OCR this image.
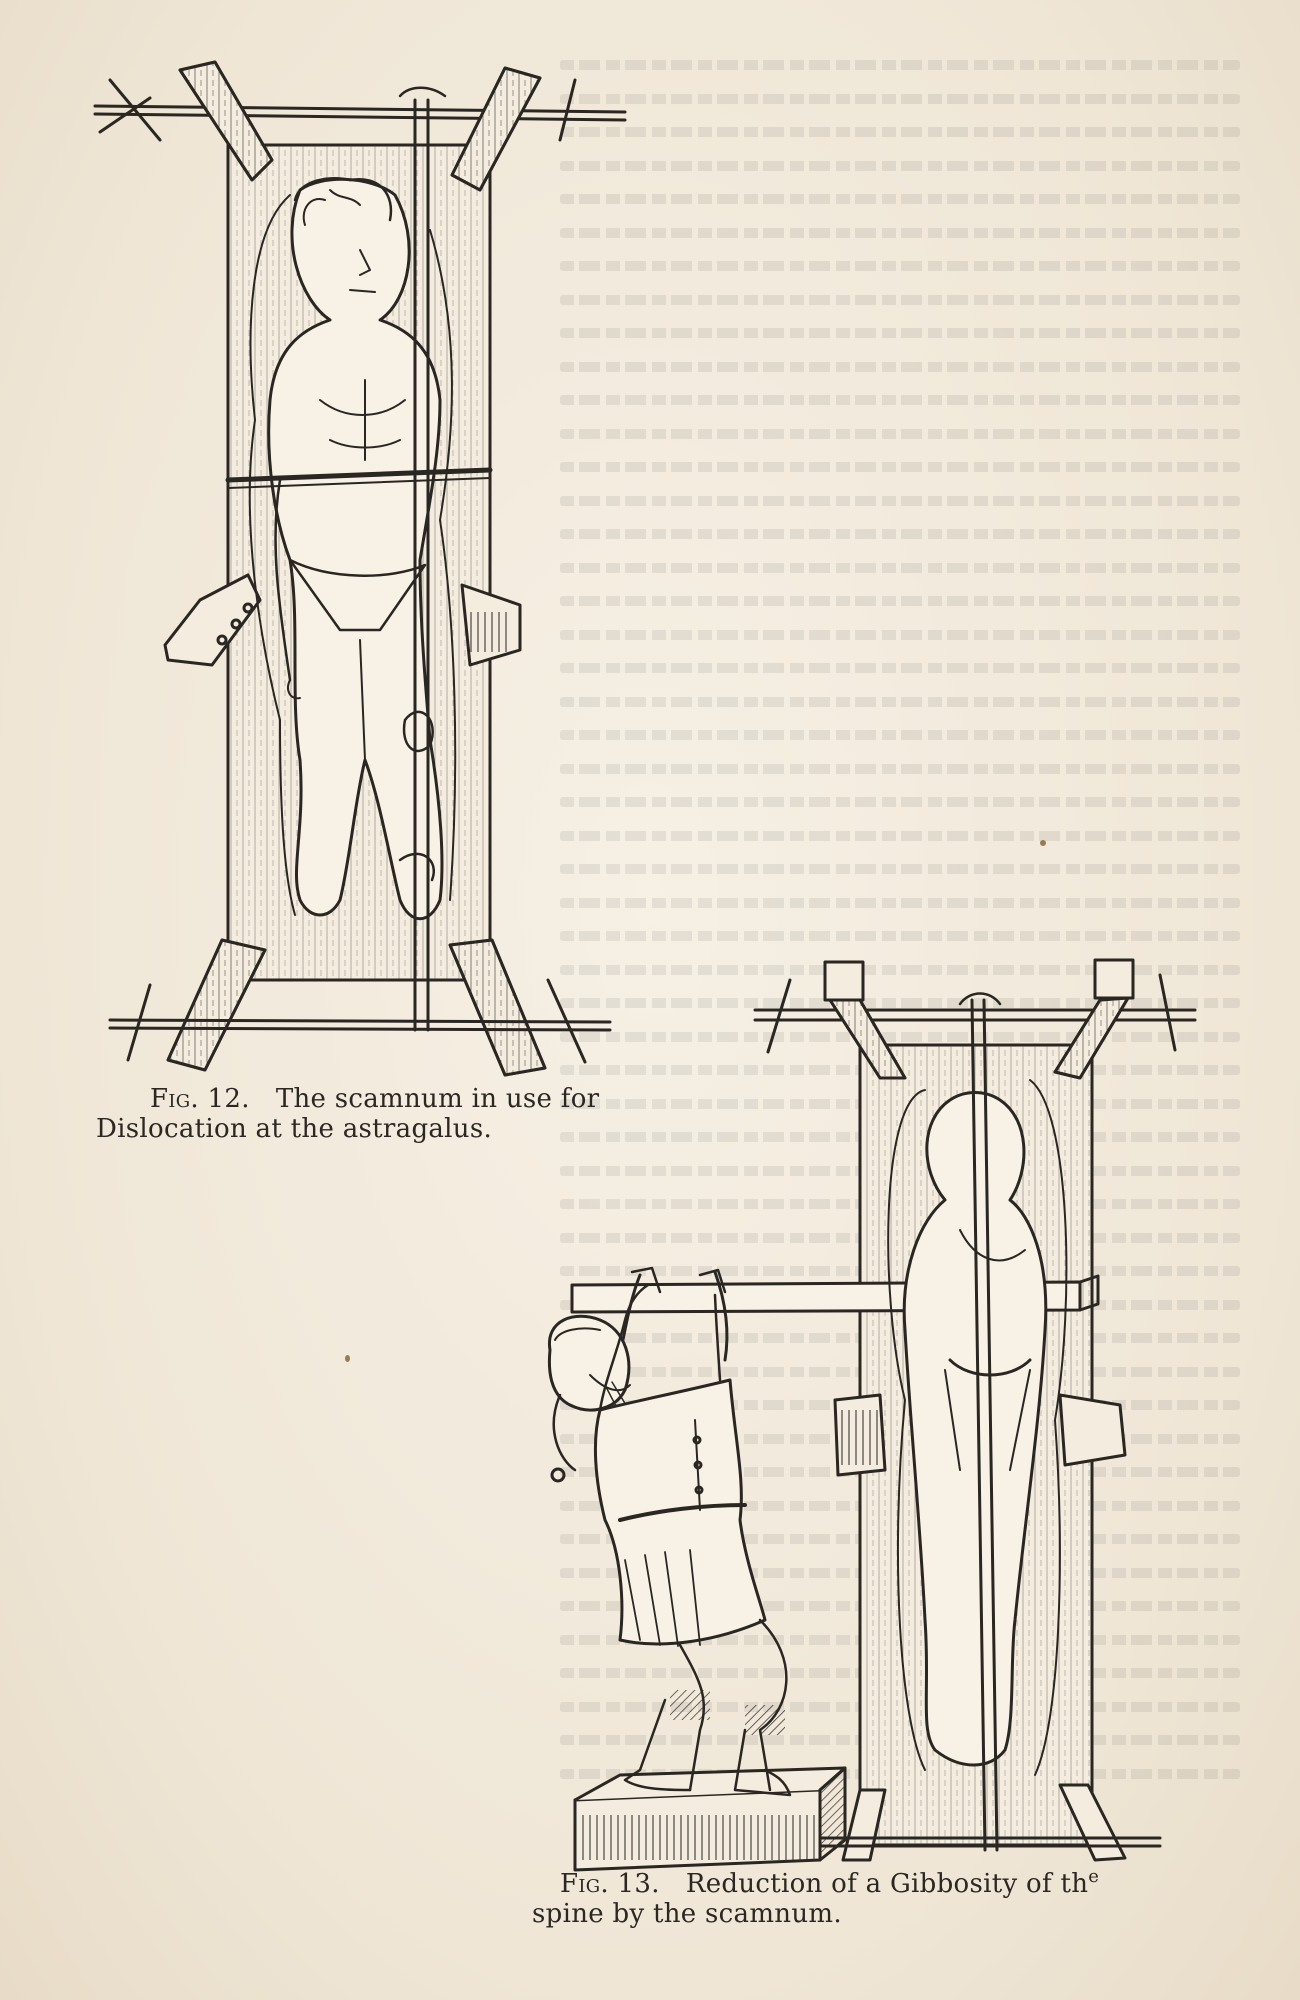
Fig. 12. The scamnum in use for
Dislocation at the astragalus.
Fig. 13. Reduction of a Gibbosity of $th^e$
spine by the scamnum.
